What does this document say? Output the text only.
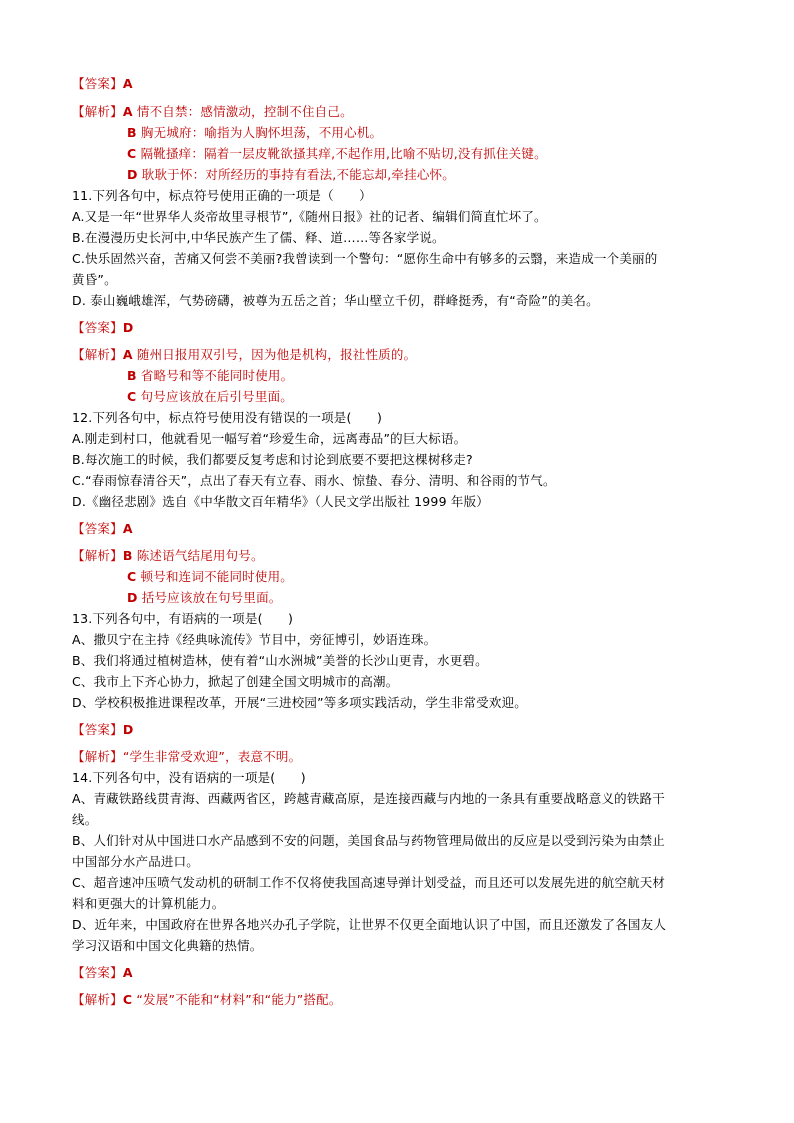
【答案】A
【解析】A 情不自禁：感情激动，控制不住自己。
B 胸无城府：喻指为人胸怀坦荡，不用心机。
C 隔靴搔痒：隔着一层皮靴欲搔其痒,不起作用,比喻不贴切,没有抓住关键。
D 耿耿于怀：对所经历的事持有看法,不能忘却,牵挂心怀。
11.下列各句中，标点符号使用正确的一项是（　　）
A.又是一年“世界华人炎帝故里寻根节”,《随州日报》社的记者、编辑们简直忙坏了。
B.在漫漫历史长河中,中华民族产生了儒、释、道……等各家学说。
C.快乐固然兴奋，苦痛又何尝不美丽?我曾读到一个警句：“愿你生命中有够多的云翳，来造成一个美丽的
黄昏”。
D. 泰山巍峨雄浑，气势磅礴，被尊为五岳之首；华山壁立千仞，群峰挺秀，有“奇险”的美名。
【答案】D
【解析】A 随州日报用双引号，因为他是机构，报社性质的。
B 省略号和等不能同时使用。
C 句号应该放在后引号里面。
12.下列各句中，标点符号使用没有错误的一项是(　　)
A.刚走到村口，他就看见一幅写着“珍爱生命，远离毒品”的巨大标语。
B.每次施工的时候，我们都要反复考虑和讨论到底要不要把这棵树移走?
C.“春雨惊春清谷天”，点出了春天有立春、雨水、惊蛰、春分、清明、和谷雨的节气。
D.《幽径悲剧》选自《中华散文百年精华》（人民文学出版社 1999 年版）
【答案】A
【解析】B 陈述语气结尾用句号。
C 顿号和连词不能同时使用。
D 括号应该放在句号里面。
13.下列各句中，有语病的一项是(　　)
A、撒贝宁在主持《经典咏流传》节目中，旁征博引，妙语连珠。
B、我们将通过植树造林，使有着“山水洲城”美誉的长沙山更青，水更碧。
C、我市上下齐心协力，掀起了创建全国文明城市的高潮。
D、学校积极推进课程改革，开展“三进校园”等多项实践活动，学生非常受欢迎。
【答案】D
【解析】“学生非常受欢迎”，表意不明。
14.下列各句中，没有语病的一项是(　　)
A、青藏铁路线贯青海、西藏两省区，跨越青藏高原，是连接西藏与内地的一条具有重要战略意义的铁路干
线。
B、人们针对从中国进口水产品感到不安的问题，美国食品与药物管理局做出的反应是以受到污染为由禁止
中国部分水产品进口。
C、超音速冲压喷气发动机的研制工作不仅将使我国高速导弹计划受益，而且还可以发展先进的航空航天材
料和更强大的计算机能力。
D、近年来，中国政府在世界各地兴办孔子学院，让世界不仅更全面地认识了中国，而且还激发了各国友人
学习汉语和中国文化典籍的热情。
【答案】A
【解析】C “发展”不能和“材料”和“能力”搭配。
